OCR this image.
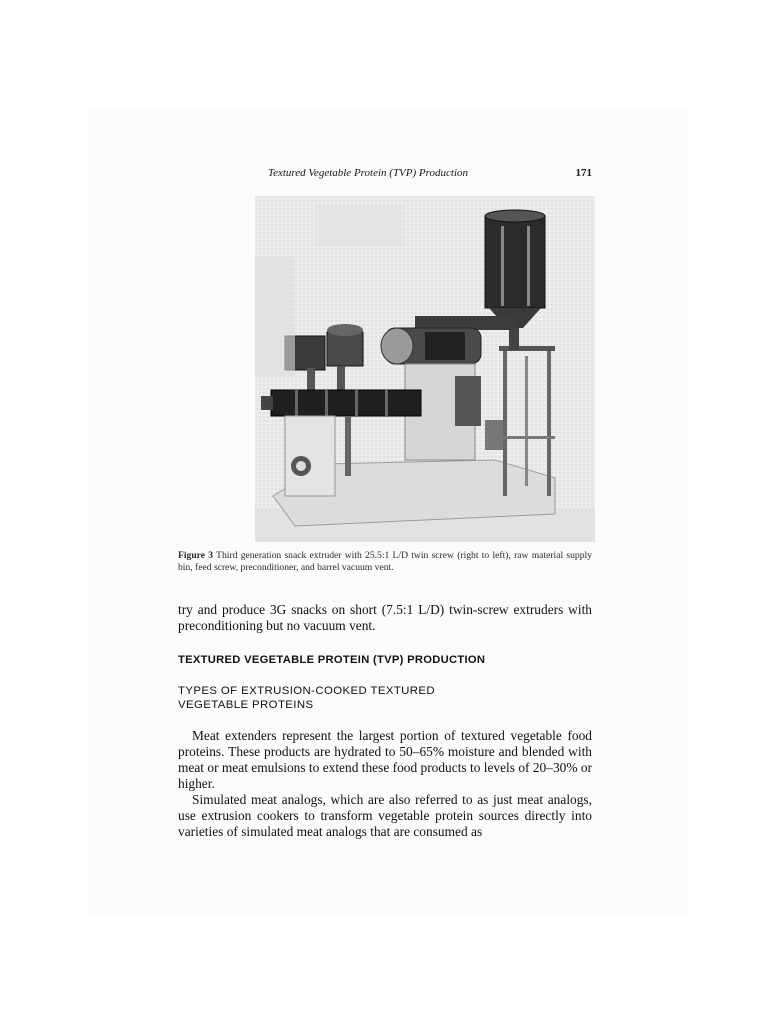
Textured Vegetable Protein (TVP) Production	171
Figure 3 Third generation snack extruder with 25.5:1 L/D twin screw (right to left), raw material supply bin, feed screw, preconditioner, and barrel vacuum vent.
try and produce 3G snacks on short (7.5:1 L/D) twin-screw extruders with preconditioning but no vacuum vent.
TEXTURED VEGETABLE PROTEIN (TVP) PRODUCTION
TYPES OF EXTRUSION-COOKED TEXTURED VEGETABLE PROTEINS
Meat extenders represent the largest portion of textured vegetable food proteins. These products are hydrated to 50–65% moisture and blended with meat or meat emulsions to extend these food products to levels of 20–30% or higher.
Simulated meat analogs, which are also referred to as just meat analogs, use extrusion cookers to transform vegetable protein sources directly into varieties of simulated meat analogs that are consumed as
